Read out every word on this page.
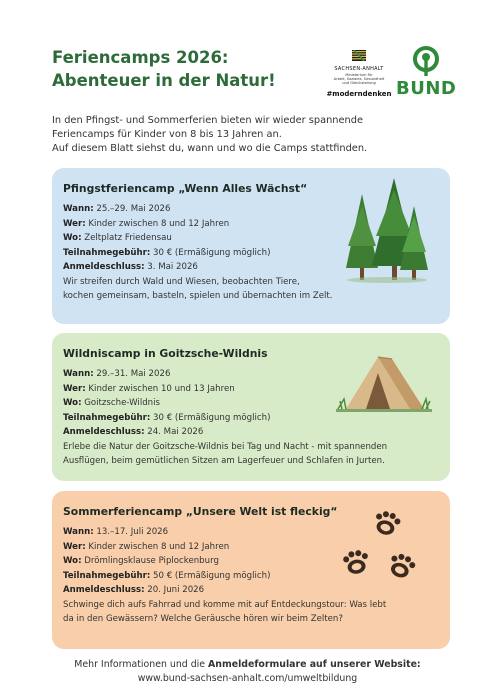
Feriencamps 2026:
Abenteuer in der Natur!
SACHSEN-ANHALT
Ministerium für
Arbeit, Soziales, Gesundheit
und Gleichstellung
#moderndenken BUND
In den Pfingst- und Sommerferien bieten wir wieder spannende
Feriencamps für Kinder von 8 bis 13 Jahren an.
Auf diesem Blatt siehst du, wann und wo die Camps stattfinden.
Pfingstferiencamp „Wenn Alles Wächst“
Wann: 25.–29. Mai 2026
Wer: Kinder zwischen 8 und 12 Jahren
Wo: Zeltplatz Friedensau
Teilnahmegebühr: 30 € (Ermäßigung möglich)
Anmeldeschluss: 3. Mai 2026
Wir streifen durch Wald und Wiesen, beobachten Tiere,
kochen gemeinsam, basteln, spielen und übernachten im Zelt.
Wildniscamp in Goitzsche-Wildnis
Wann: 29.–31. Mai 2026
Wer: Kinder zwischen 10 und 13 Jahren
Wo: Goitzsche-Wildnis
Teilnahmegebühr: 30 € (Ermäßigung möglich)
Anmeldeschluss: 24. Mai 2026
Erlebe die Natur der Goitzsche-Wildnis bei Tag und Nacht - mit spannenden
Ausflügen, beim gemütlichen Sitzen am Lagerfeuer und Schlafen in Jurten.
Sommerferiencamp „Unsere Welt ist fleckig“
Wann: 13.–17. Juli 2026
Wer: Kinder zwischen 8 und 12 Jahren
Wo: Drömlingsklause Piplockenburg
Teilnahmegebühr: 50 € (Ermäßigung möglich)
Anmeldeschluss: 20. Juni 2026
Schwinge dich aufs Fahrrad und komme mit auf Entdeckungstour: Was lebt
da in den Gewässern? Welche Geräusche hören wir beim Zelten?
Mehr Informationen und die Anmeldeformulare auf unserer Website:
www.bund-sachsen-anhalt.com/umweltbildung
